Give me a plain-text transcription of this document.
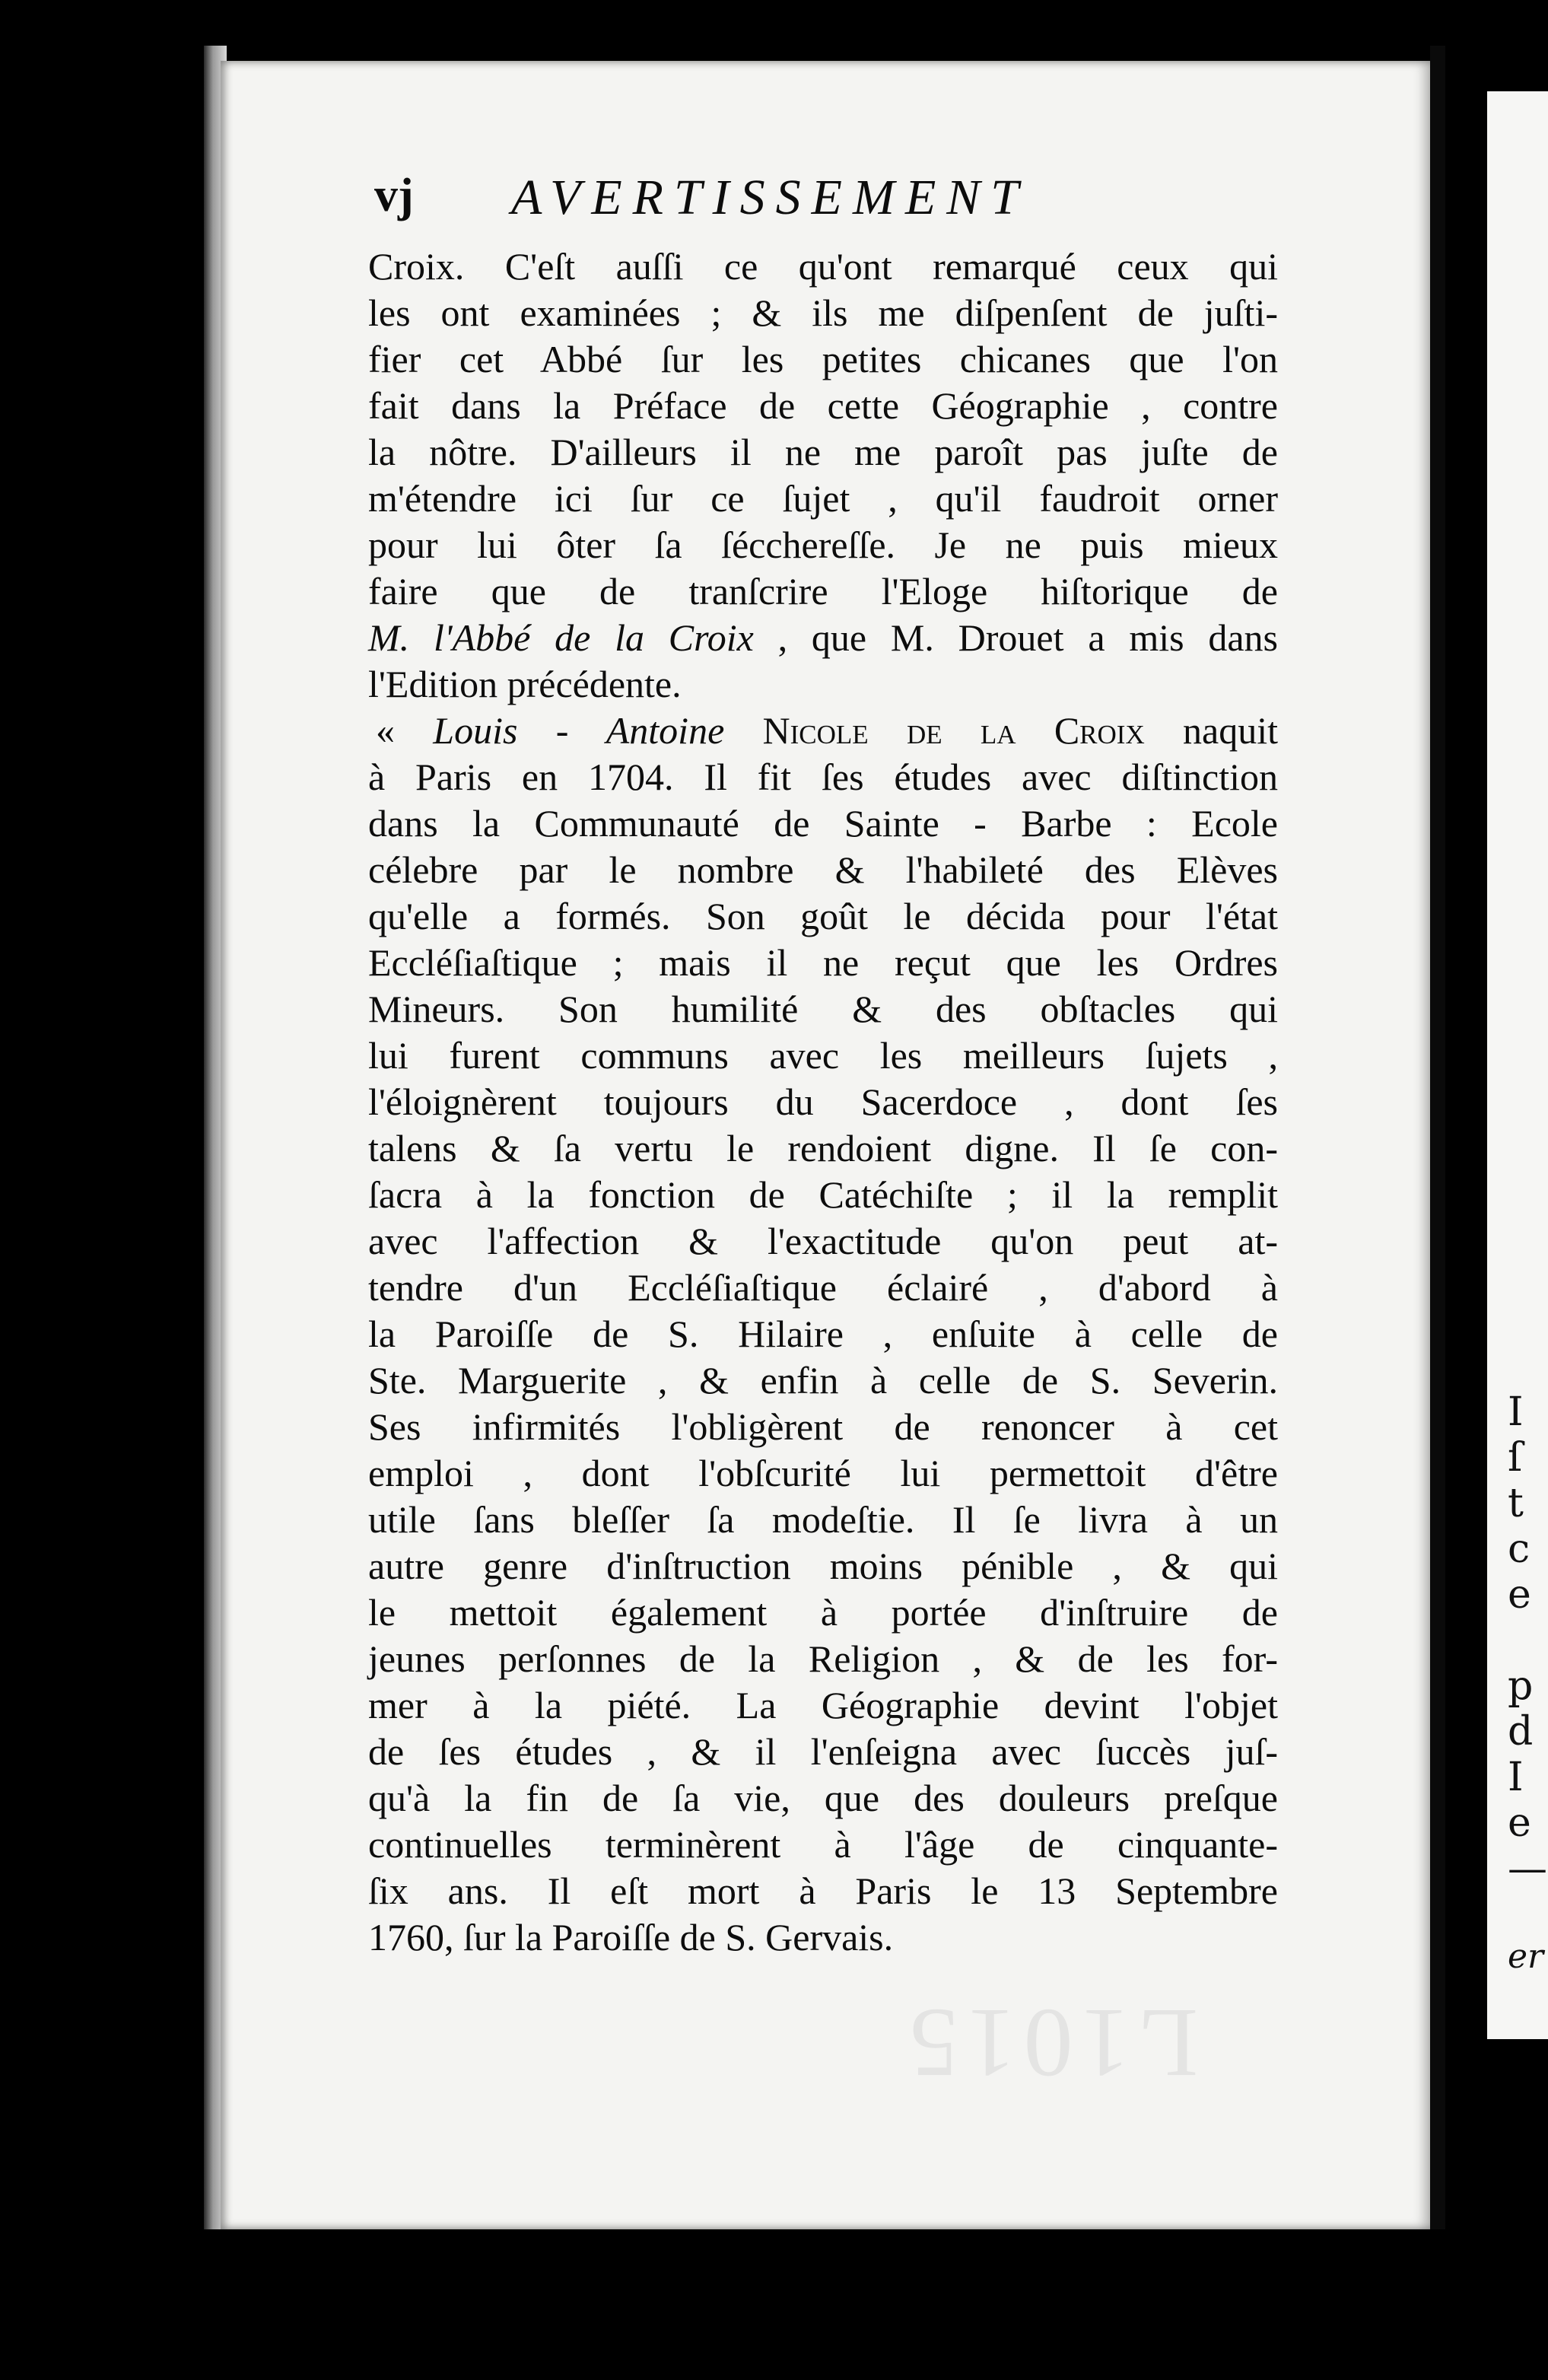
vj AVERTISSEMENT
Croix. C'eſt auſſi ce qu'ont remarqué ceux qui
les ont examinées ; & ils me diſpenſent de juſti-
fier cet Abbé ſur les petites chicanes que l'on
fait dans la Préface de cette Géographie , contre
la nôtre. D'ailleurs il ne me paroît pas juſte de
m'étendre ici ſur ce ſujet , qu'il faudroit orner
pour lui ôter ſa ſécchereſſe. Je ne puis mieux
faire que de tranſcrire l'Eloge hiſtorique de
M. l'Abbé de la Croix , que M. Drouet a mis dans
l'Edition précédente.
« Louis - Antoine Nicole de la Croix naquit
à Paris en 1704. Il fit ſes études avec diſtinction
dans la Communauté de Sainte - Barbe : Ecole
célebre par le nombre & l'habileté des Elèves
qu'elle a formés. Son goût le décida pour l'état
Eccléſiaſtique ; mais il ne reçut que les Ordres
Mineurs. Son humilité & des obſtacles qui
lui furent communs avec les meilleurs ſujets ,
l'éloignèrent toujours du Sacerdoce , dont ſes
talens & ſa vertu le rendoient digne. Il ſe con-
ſacra à la fonction de Catéchiſte ; il la remplit
avec l'affection & l'exactitude qu'on peut at-
tendre d'un Eccléſiaſtique éclairé , d'abord à
la Paroiſſe de S. Hilaire , enſuite à celle de
Ste. Marguerite , & enfin à celle de S. Severin.
Ses infirmités l'obligèrent de renoncer à cet
emploi , dont l'obſcurité lui permettoit d'être
utile ſans bleſſer ſa modeſtie. Il ſe livra à un
autre genre d'inſtruction moins pénible , & qui
le mettoit également à portée d'inſtruire de
jeunes perſonnes de la Religion , & de les for-
mer à la piété. La Géographie devint l'objet
de ſes études , & il l'enſeigna avec ſuccès juſ-
qu'à la fin de ſa vie, que des douleurs preſque
continuelles terminèrent à l'âge de cinquante-
ſix ans. Il eſt mort à Paris le 13 Septembre
1760, ſur la Paroiſſe de S. Gervais.
L1015
I
ſ
t
c
e
p
d
I
e
—
er
